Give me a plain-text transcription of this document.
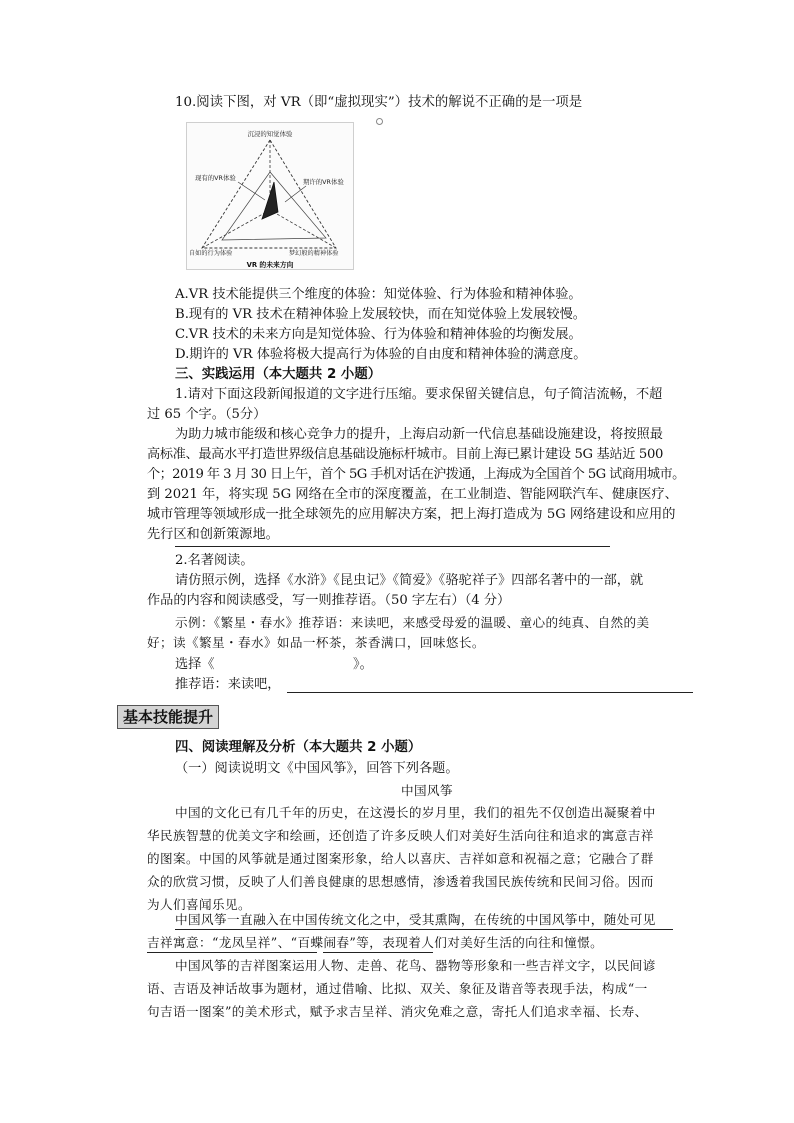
10.阅读下图，对 VR（即“虚拟现实”）技术的解说不正确的是一项是
沉浸的知觉体验
现有的VR体验	期许的VR体验
自如的行为体验	梦幻般的精神体验
VR 的未来方向
A.VR 技术能提供三个维度的体验：知觉体验、行为体验和精神体验。
B.现有的 VR 技术在精神体验上发展较快，而在知觉体验上发展较慢。
C.VR 技术的未来方向是知觉体验、行为体验和精神体验的均衡发展。
D.期许的 VR 体验将极大提高行为体验的自由度和精神体验的满意度。
三、实践运用（本大题共 2 小题）
1.请对下面这段新闻报道的文字进行压缩。要求保留关键信息，句子简洁流畅，不超
过 65 个字。（5分）
为助力城市能级和核心竞争力的提升，上海启动新一代信息基础设施建设，将按照最
高标准、最高水平打造世界级信息基础设施标杆城市。目前上海已累计建设 5G 基站近 500
个；2019 年 3 月 30 日上午，首个 5G 手机对话在沪拨通，上海成为全国首个 5G 试商用城市。
到 2021 年，将实现 5G 网络在全市的深度覆盖，在工业制造、智能网联汽车、健康医疗、
城市管理等领域形成一批全球领先的应用解决方案，把上海打造成为 5G 网络建设和应用的
先行区和创新策源地。
2.名著阅读。
请仿照示例，选择《水浒》《昆虫记》《简爱》《骆驼祥子》四部名著中的一部，就
作品的内容和阅读感受，写一则推荐语。（50 字左右）（4 分）
示例：《繁星・春水》推荐语：来读吧，来感受母爱的温暖、童心的纯真、自然的美
好；读《繁星・春水》如品一杯茶，茶香满口，回味悠长。
选择《	》。
推荐语：来读吧，
基本技能提升
四、阅读理解及分析（本大题共 2 小题）
（一）阅读说明文《中国风筝》，回答下列各题。
中国风筝
中国的文化已有几千年的历史，在这漫长的岁月里，我们的祖先不仅创造出凝聚着中
华民族智慧的优美文字和绘画，还创造了许多反映人们对美好生活向往和追求的寓意吉祥
的图案。中国的风筝就是通过图案形象，给人以喜庆、吉祥如意和祝福之意；它融合了群
众的欣赏习惯，反映了人们善良健康的思想感情，渗透着我国民族传统和民间习俗。因而
为人们喜闻乐见。
中国风筝一直融入在中国传统文化之中，受其熏陶，在传统的中国风筝中，随处可见
吉祥寓意：“龙凤呈祥”、“百蝶闹春”等，表现着人们对美好生活的向往和憧憬。
中国风筝的吉祥图案运用人物、走兽、花鸟、器物等形象和一些吉祥文字，以民间谚
语、吉语及神话故事为题材，通过借喻、比拟、双关、象征及谐音等表现手法，构成“一
句吉语一图案”的美术形式，赋予求吉呈祥、消灾免难之意，寄托人们追求幸福、长寿、
